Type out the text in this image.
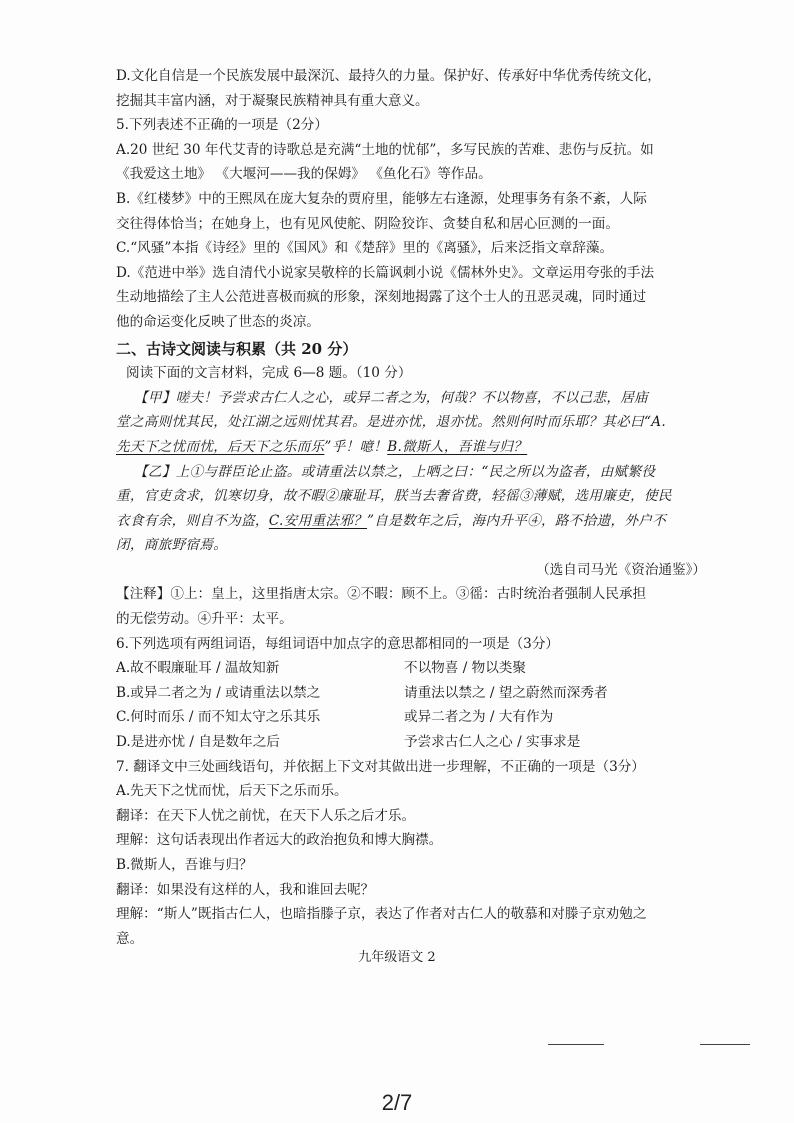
D.文化自信是一个民族发展中最深沉、最持久的力量。保护好、传承好中华优秀传统文化，
挖掘其丰富内涵，对于凝聚民族精神具有重大意义。
5.下列表述不正确的一项是（2分）
A.20 世纪 30 年代艾青的诗歌总是充满“土地的忧郁”，多写民族的苦难、悲伤与反抗。如
《我爱这土地》 《大堰河——我的保姆》 《鱼化石》等作品。
B.《红楼梦》中的王熙凤在庞大复杂的贾府里，能够左右逢源，处理事务有条不紊，人际
交往得体恰当；在她身上，也有见风使舵、阴险狡诈、贪婪自私和居心叵测的一面。
C.“风骚”本指《诗经》里的《国风》和《楚辞》里的《离骚》，后来泛指文章辞藻。
D.《范进中举》选自清代小说家吴敬梓的长篇讽刺小说《儒林外史》。文章运用夸张的手法
生动地描绘了主人公范进喜极而疯的形象，深刻地揭露了这个士人的丑恶灵魂，同时通过
他的命运变化反映了世态的炎凉。
二、古诗文阅读与积累（共 20 分）
阅读下面的文言材料，完成 6—8 题。（10 分）
【甲】嗟夫！予尝求古仁人之心，或异二者之为，何哉？不以物喜，不以己悲，居庙
堂之高则忧其民，处江湖之远则忧其君。是进亦忧，退亦忧。然则何时而乐耶？其必曰“A.
先天下之忧而忧，后天下之乐而乐”乎！噫！B.微斯人，吾谁与归？
【乙】上①与群臣论止盗。或请重法以禁之，上哂之曰：“民之所以为盗者，由赋繁役
重，官吏贪求，饥寒切身，故不暇②廉耻耳，朕当去奢省费，轻徭③薄赋，选用廉吏，使民
衣食有余，则自不为盗，C.安用重法邪？”自是数年之后，海内升平④，路不拾遗，外户不
闭，商旅野宿焉。
（选自司马光《资治通鉴》）
【注释】①上：皇上，这里指唐太宗。②不暇：顾不上。③徭：古时统治者强制人民承担
的无偿劳动。④升平：太平。
6.下列选项有两组词语，每组词语中加点字的意思都相同的一项是（3分）
A.故不暇廉耻耳 / 温故知新	不以物喜 / 物以类聚
B.或异二者之为 / 或请重法以禁之	请重法以禁之 / 望之蔚然而深秀者
C.何时而乐 / 而不知太守之乐其乐	或异二者之为 / 大有作为
D.是进亦忧 / 自是数年之后	予尝求古仁人之心 / 实事求是
7. 翻译文中三处画线语句，并依据上下文对其做出进一步理解，不正确的一项是（3分）
A.先天下之忧而忧，后天下之乐而乐。
翻译：在天下人忧之前忧，在天下人乐之后才乐。
理解：这句话表现出作者远大的政治抱负和博大胸襟。
B.微斯人，吾谁与归？
翻译：如果没有这样的人，我和谁回去呢？
理解：“斯人”既指古仁人，也暗指滕子京，表达了作者对古仁人的敬慕和对滕子京劝勉之
意。
九年级语文 2
2/7
